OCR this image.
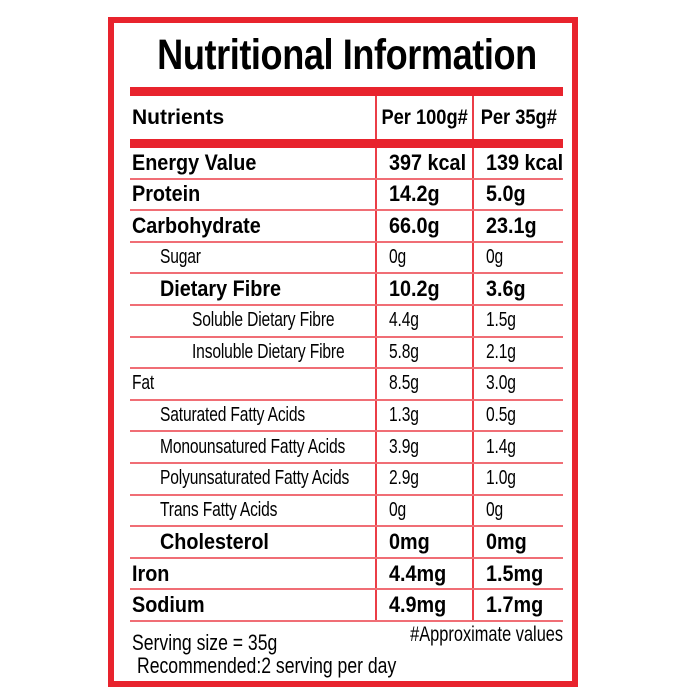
Nutritional Information
Nutrients	Per 100g# Per 35g#
Energy Value	397 kcal 139 kcal
Protein	14.2g 5.0g
Carbohydrate	66.0g 23.1g
Sugar	0g	0g
Dietary Fibre	10.2g 3.6g
Soluble Dietary Fibre	4.4g	1.5g
Insoluble Dietary Fibre 5.8g	2.1g
Fat	8.5g	3.0g
Saturated Fatty Acids	1.3g	0.5g
Monounsatured Fatty Acids 3.9g	1.4g
Polyunsaturated Fatty Acids 2.9g	1.0g
Trans Fatty Acids	0g	0g
Cholesterol	0mg	0mg
Iron	4.4mg 1.5mg
Sodium	4.9mg 1.7mg
#Approximate values
Serving size = 35g
Recommended:2 serving per day
